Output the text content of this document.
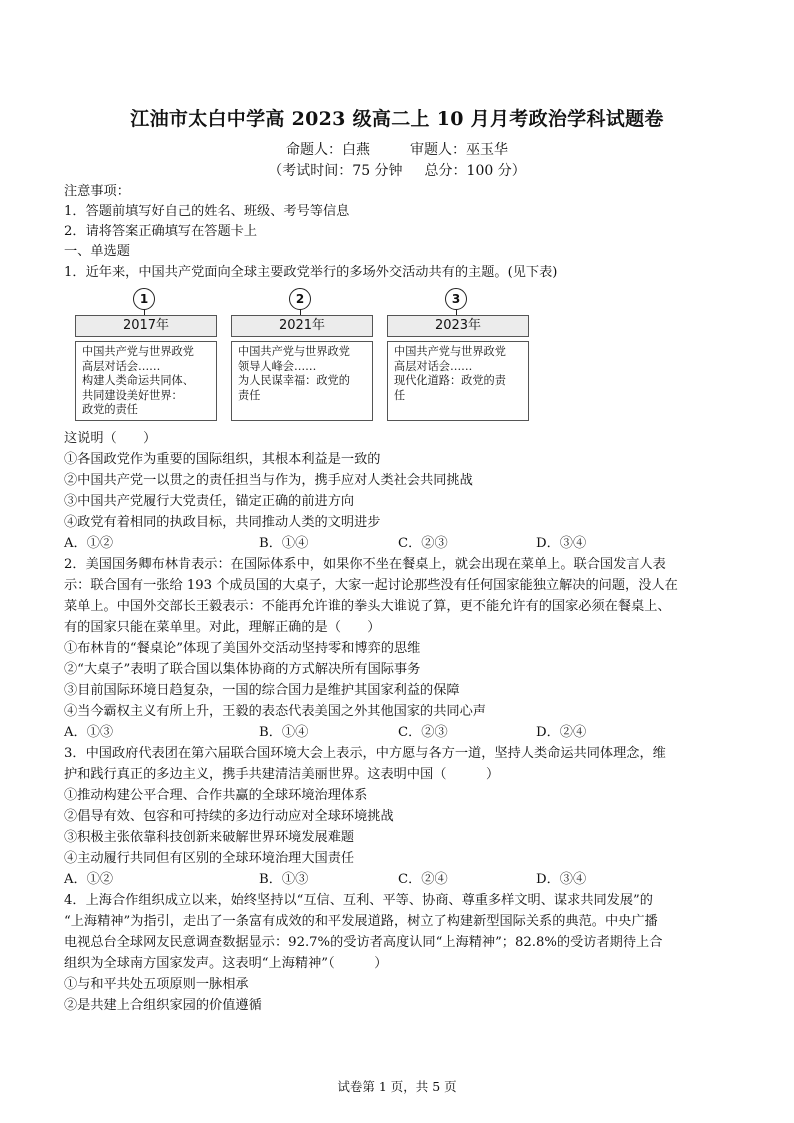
江油市太白中学高 2023 级高二上 10 月月考政治学科试题卷
命题人：白燕	审题人：巫玉华
（考试时间：75 分钟 总分：100 分）
注意事项：
1．答题前填写好自己的姓名、班级、考号等信息
2．请将答案正确填写在答题卡上
一、单选题
1．近年来，中国共产党面向全球主要政党举行的多场外交活动共有的主题。(见下表)
1
2017年
中国共产党与世界政党
高层对话会……
构建人类命运共同体、
共同建设美好世界：
政党的责任
2
2021年
中国共产党与世界政党
领导人峰会……
为人民谋幸福：政党的
责任
3
2023年
中国共产党与世界政党
高层对话会……
现代化道路：政党的责
任
这说明（　　）
①各国政党作为重要的国际组织，其根本利益是一致的
②中国共产党一以贯之的责任担当与作为，携手应对人类社会共同挑战
③中国共产党履行大党责任，锚定正确的前进方向
④政党有着相同的执政目标，共同推动人类的文明进步
A．①②	B．①④	C．②③	D．③④
2．美国国务卿布林肯表示：在国际体系中，如果你不坐在餐桌上，就会出现在菜单上。联合国发言人表
示：联合国有一张给 193 个成员国的大桌子，大家一起讨论那些没有任何国家能独立解决的问题，没人在
菜单上。中国外交部长王毅表示：不能再允许谁的拳头大谁说了算，更不能允许有的国家必须在餐桌上、
有的国家只能在菜单里。对此，理解正确的是（　　）
①布林肯的“餐桌论”体现了美国外交活动坚持零和博弈的思维
②“大桌子”表明了联合国以集体协商的方式解决所有国际事务
③目前国际环境日趋复杂，一国的综合国力是维护其国家利益的保障
④当今霸权主义有所上升，王毅的表态代表美国之外其他国家的共同心声
A．①③	B．①④	C．②③	D．②④
3．中国政府代表团在第六届联合国环境大会上表示，中方愿与各方一道，坚持人类命运共同体理念，维
护和践行真正的多边主义，携手共建清洁美丽世界。这表明中国（　　　）
①推动构建公平合理、合作共赢的全球环境治理体系
②倡导有效、包容和可持续的多边行动应对全球环境挑战
③积极主张依靠科技创新来破解世界环境发展难题
④主动履行共同但有区别的全球环境治理大国责任
A．①②	B．①③	C．②④	D．③④
4．上海合作组织成立以来，始终坚持以“互信、互利、平等、协商、尊重多样文明、谋求共同发展”的
“上海精神”为指引，走出了一条富有成效的和平发展道路，树立了构建新型国际关系的典范。中央广播
电视总台全球网友民意调查数据显示：92.7%的受访者高度认同“上海精神”；82.8%的受访者期待上合
组织为全球南方国家发声。这表明“上海精神”（　　　）
①与和平共处五项原则一脉相承
②是共建上合组织家园的价值遵循
试卷第 1 页，共 5 页
